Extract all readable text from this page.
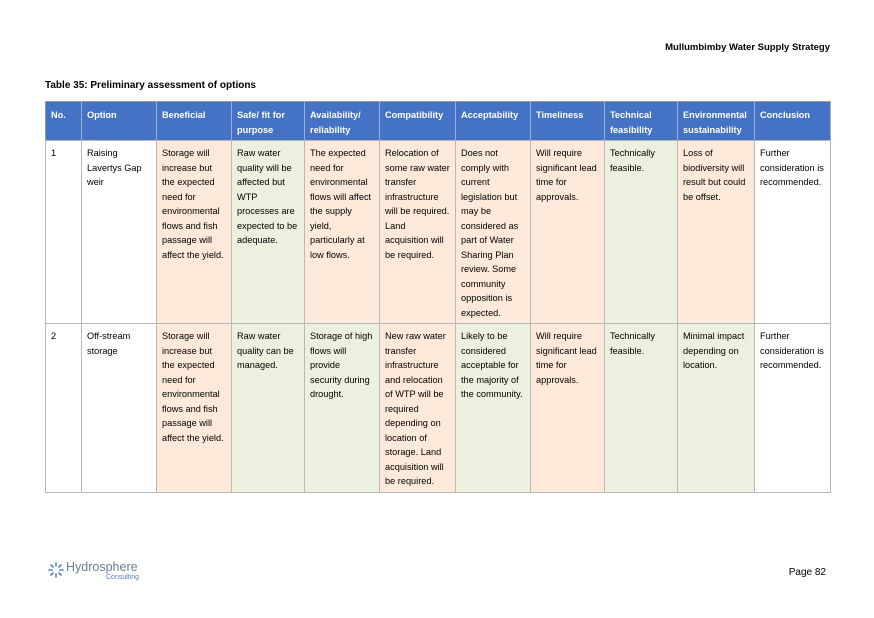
Mullumbimby Water Supply Strategy
Table 35: Preliminary assessment of options
No.	Option	Beneficial	Safe/ fit for purpose	Availability/ reliability	Compatibility	Acceptability	Timeliness	Technical feasibility	Environmental sustainability	Conclusion
1	Raising Lavertys Gap weir	Storage will increase but the expected need for environmental flows and fish passage will affect the yield.	Raw water quality will be affected but WTP processes are expected to be adequate.	The expected need for environmental flows will affect the supply yield, particularly at low flows.	Relocation of some raw water transfer infrastructure will be required. Land acquisition will be required.	Does not comply with current legislation but may be considered as part of Water Sharing Plan review. Some community opposition is expected.	Will require significant lead time for approvals.	Technically feasible.	Loss of biodiversity will result but could be offset.	Further consideration is recommended.
2	Off-stream storage	Storage will increase but the expected need for environmental flows and fish passage will affect the yield.	Raw water quality can be managed.	Storage of high flows will provide security during drought.	New raw water transfer infrastructure and relocation of WTP will be required depending on location of storage. Land acquisition will be required.	Likely to be considered acceptable for the majority of the community.	Will require significant lead time for approvals.	Technically feasible.	Minimal impact depending on location.	Further consideration is recommended.
Hydrosphere
Consulting	Page 82
